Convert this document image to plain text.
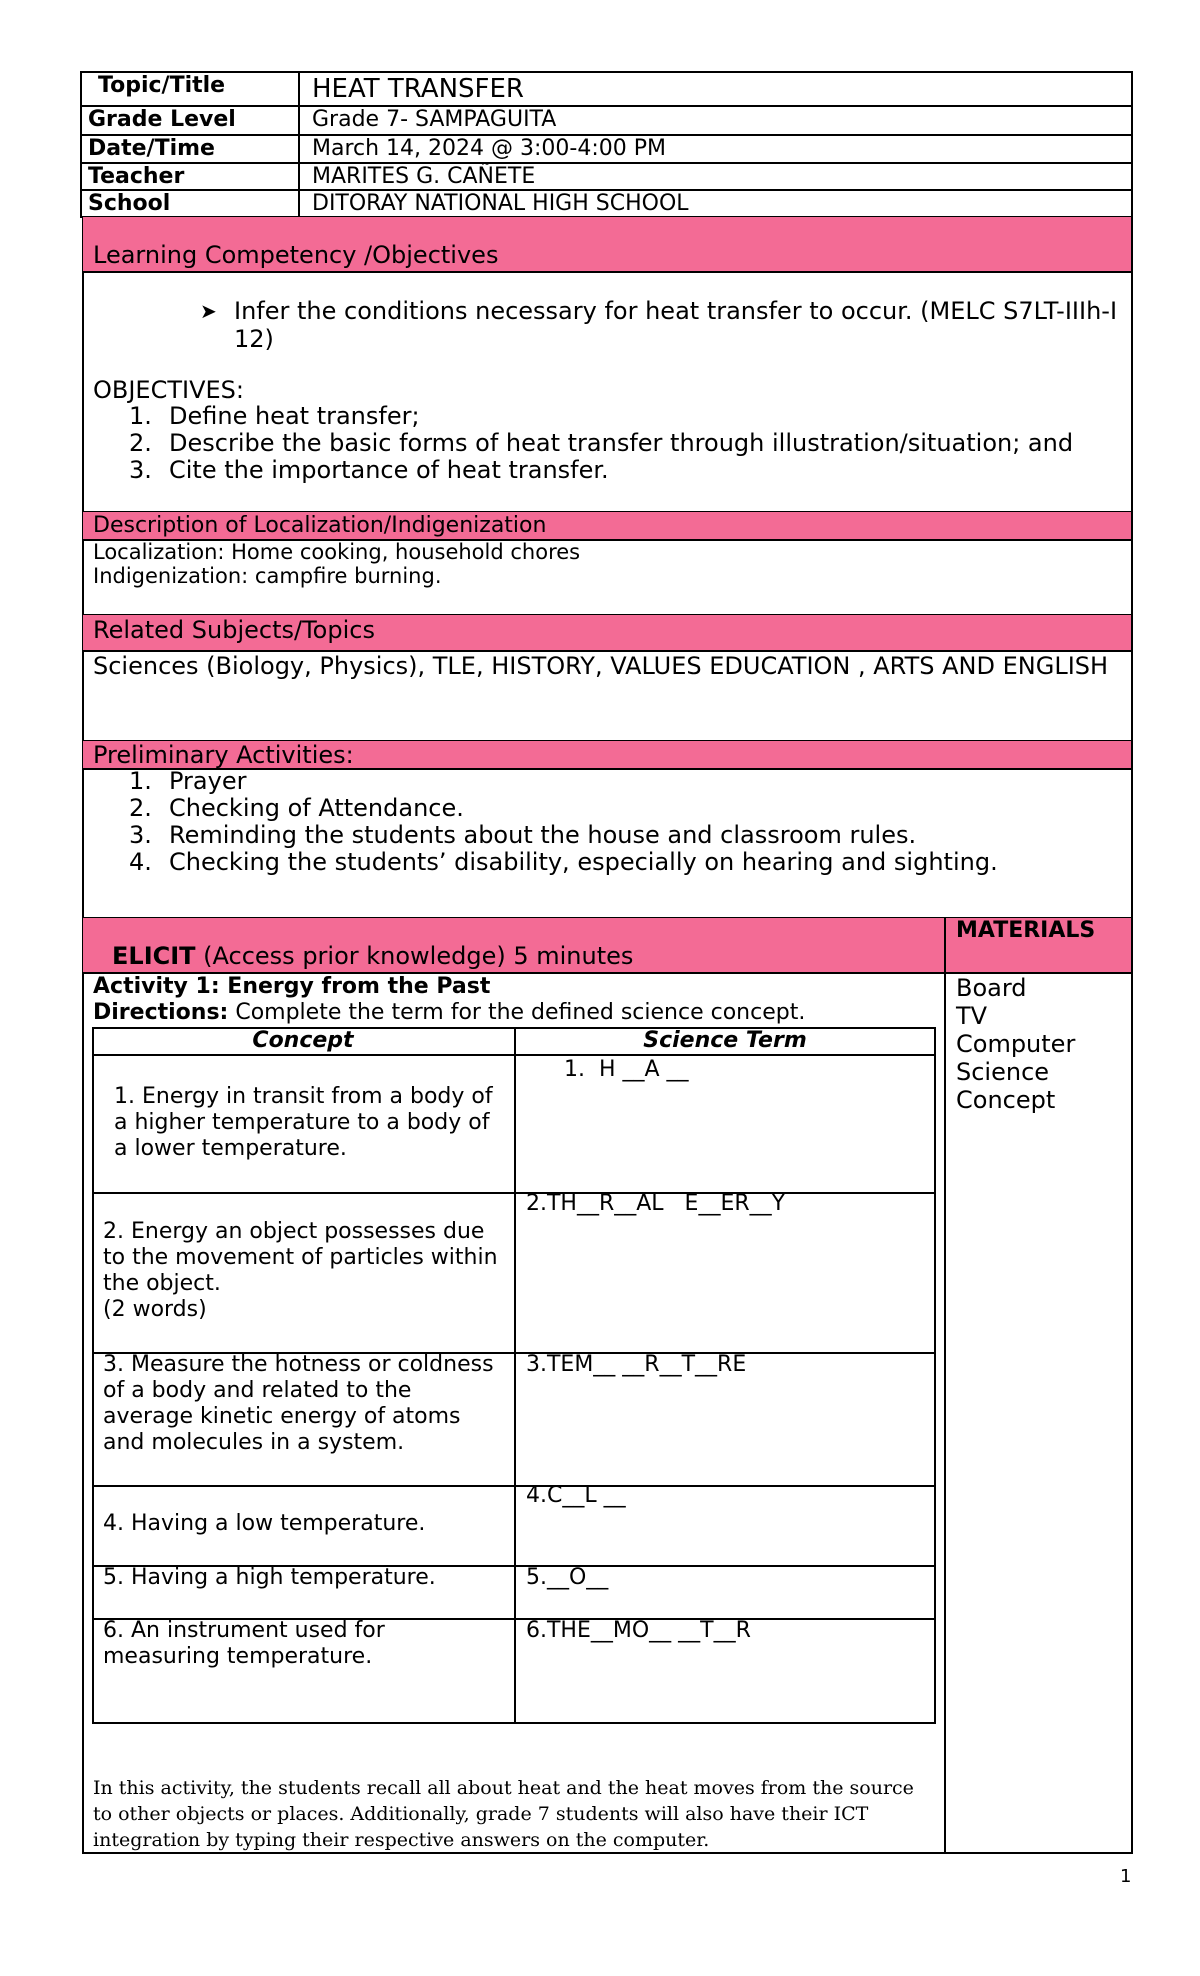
Topic/Title	HEAT TRANSFER
Grade Level	Grade 7- SAMPAGUITA
Date/Time	March 14, 2024 @ 3:00-4:00 PM
Teacher	MARITES G. CAÑETE
School	DITORAY NATIONAL HIGH SCHOOL
Learning Competency /Objectives
➤ Infer the conditions necessary for heat transfer to occur. (MELC S7LT-IIIh-I 12)
OBJECTIVES:
1. Define heat transfer;
2. Describe the basic forms of heat transfer through illustration/situation; and
3. Cite the importance of heat transfer.
Description of Localization/Indigenization
Localization: Home cooking, household chores
Indigenization: campfire burning.
Related Subjects/Topics
Sciences (Biology, Physics), TLE, HISTORY, VALUES EDUCATION , ARTS AND ENGLISH
Preliminary Activities:
1. Prayer
2. Checking of Attendance.
3. Reminding the students about the house and classroom rules.
4. Checking the students’ disability, especially on hearing and sighting.
ELICIT (Access prior knowledge) 5 minutes
MATERIALS
Board
TV
Computer
Science
Concept
Activity 1: Energy from the Past
Directions: Complete the term for the defined science concept.
Concept	Science Term
1. Energy in transit from a body of a higher temperature to a body of a lower temperature.
1.  H __A __
2. Energy an object possesses due to the movement of particles within the object.
(2 words)
2.TH__R__AL   E__ER__Y
3. Measure the hotness or coldness of a body and related to the average kinetic energy of atoms and molecules in a system.
3.TEM__ __R__T__RE
4. Having a low temperature.
4.C__L __
5. Having a high temperature.	5.__O__
6. An instrument used for measuring temperature.
6.THE__MO__ __T__R
In this activity, the students recall all about heat and the heat moves from the source to other objects or places. Additionally, grade 7 students will also have their ICT integration by typing their respective answers on the computer.
1
